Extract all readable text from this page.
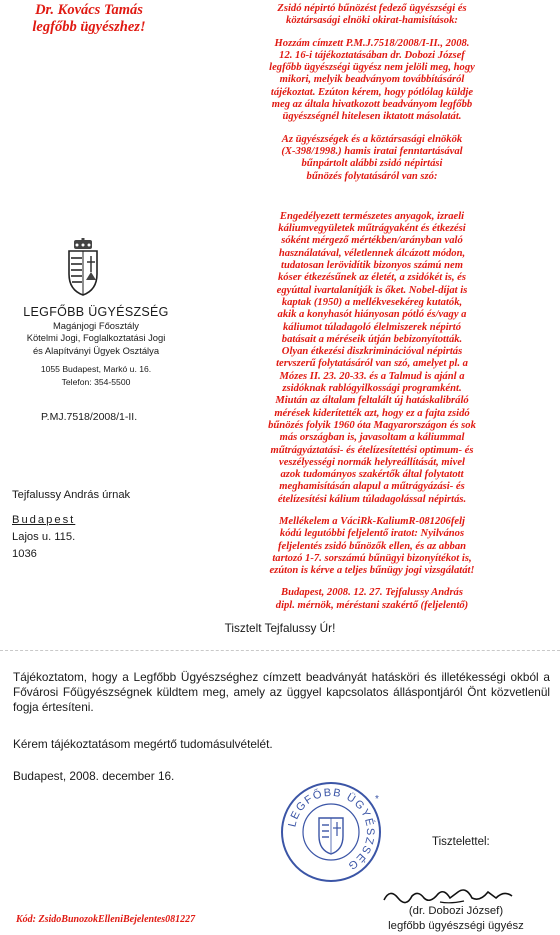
Dr. Kovács Tamás
legfőbb ügyészhez!

Zsidó népirtó bűnözést fedező ügyészségi és
köztársasági elnöki okirat-hamisítások:

Hozzám címzett P.M.J.7518/2008/I-II., 2008.
12. 16-i tájékoztatásában dr. Dobozi József
legfőbb ügyészségi ügyész nem jelöli meg, hogy
mikori, melyik beadványom továbbításáról
tájékoztat. Ezúton kérem, hogy pótlólag küldje
meg az általa hivatkozott beadványom legfőbb
ügyészségnél hitelesen iktatott másolatát.

Az ügyészségek és a köztársasági elnökök
(X-398/1998.) hamis iratai fenntartásával
bűnpártolt alábbi zsidó népirtási
bűnözés folytatásáról van szó:

Engedélyezett természetes anyagok, izraeli
káliumvegyületek műtrágyaként és étkezési
sóként mérgező mértékben/arányban való
használatával, véletlennek álcázott módon,
tudatosan lerövidítik bizonyos számú nem
kóser étkezésűnek az életét, a zsidókét is, és
egyúttal ivartalanítják is őket. Nobel-díjat is
kaptak (1950) a mellékvesekéreg kutatók,
akik a konyhasót hiányosan pótló és/vagy a
káliumot túladagoló élelmiszerek népirtó
batásait a méréseik útján bebizonyították.
Olyan étkezési diszkriminációval népirtás
tervszerű folytatásáról van szó, amelyet pl. a
Mózes II. 23. 20-33. és a Talmud is ajánl a
zsidóknak rablógyilkossági programként.
Miután az általam feltalált új hatáskalibráló
mérések kiderítették azt, hogy ez a fajta zsidó
bűnözés folyik 1960 óta Magyarországon és sok
más országban is, javasoltam a káliummal
műtrágyáztatási- és ételízesítettési optimum- és
veszélyességi normák helyreállítását, mivel
azok tudományos szakértők által folytatott
meghamisításán alapul a műtrágyázási- és
ételízesítési kálium túladagolással népirtás.

Mellékelem a VáciRk-KaliumR-081206felj
kódú legutóbbi feljelentő iratot: Nyilvános
feljelentés zsidó bűnözők ellen, és az abban
tartozó 1-7. sorszámú bűnügyi bizonyítékot is,
ezúton is kérve a teljes bűnügy jogi vizsgálatát!

Budapest, 2008. 12. 27. Tejfalussy András
dipl. mérnök, méréstani szakértő (feljelentő)

LEGFŐBB ÜGYÉSZSÉG
Magánjogi Főosztály
Kötelmi Jogi, Foglalkoztatási Jogi
és Alapítványi Ügyek Osztálya
1055 Budapest, Markó u. 16.
Telefon: 354-5500
P.MJ.7518/2008/1-II.
Tejfalussy András úrnak
Budapest
Lajos u. 115.
1036
Tisztelt Tejfalussy Úr!
Tájékoztatom, hogy a Legfőbb Ügyészséghez címzett beadványát hatásköri és illetékességi okból a Fővárosi Főügyészségnek küldtem meg, amely az üggyel kapcsolatos álláspontjáról Önt közvetlenül fogja értesíteni.
Kérem tájékoztatásom megértő tudomásulvételét.
Budapest, 2008. december 16.
LEGFŐBB ÜGYÉSZSÉG
*
Tisztelettel:
(dr. Dobozi József)
legfőbb ügyészségi ügyész
Kód: ZsidoBunozokElleniBejelentes081227
